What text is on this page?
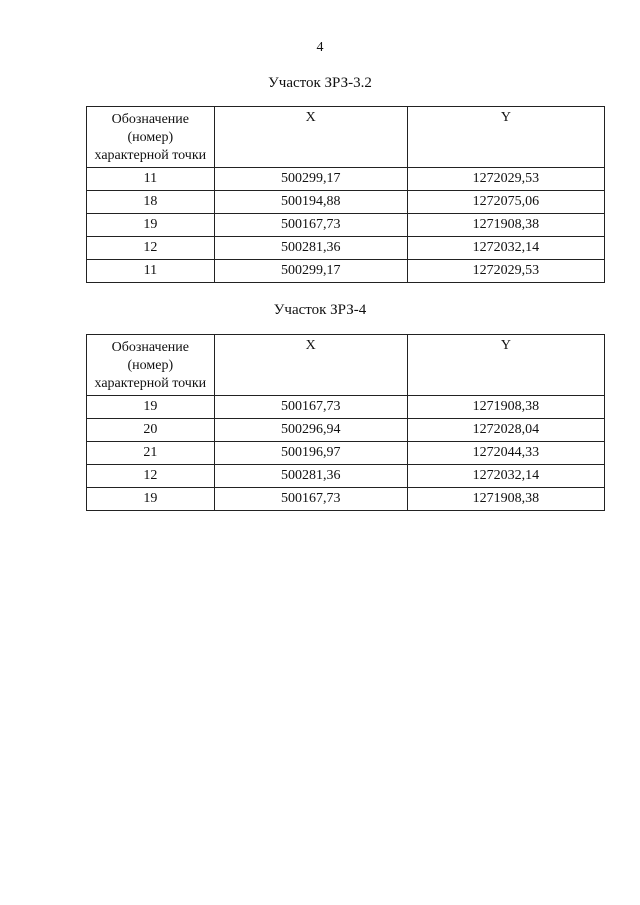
4
Участок ЗРЗ-3.2
Обозначение
(номер)
характерной точки	X	Y
11	500299,17	1272029,53
18	500194,88	1272075,06
19	500167,73	1271908,38
12	500281,36	1272032,14
11	500299,17	1272029,53
Участок ЗРЗ-4
Обозначение
(номер)
характерной точки	X	Y
19	500167,73	1271908,38
20	500296,94	1272028,04
21	500196,97	1272044,33
12	500281,36	1272032,14
19	500167,73	1271908,38
